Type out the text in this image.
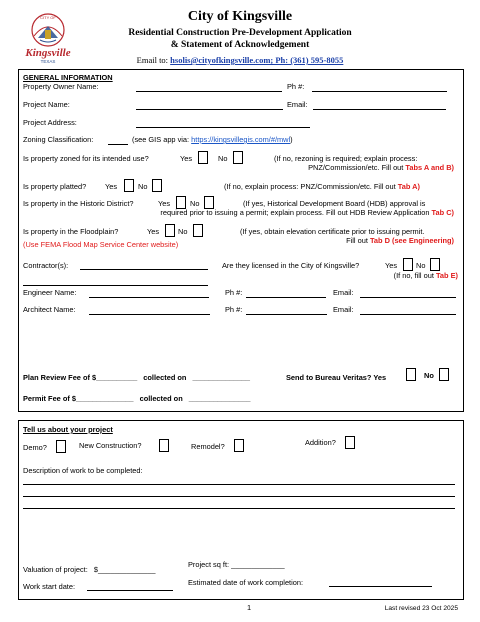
CITY OF
Kingsville
TEXAS
City of Kingsville
Residential Construction Pre-Development Application
& Statement of Acknowledgement
Email to: hsolis@cityofkingsville.com; Ph: (361) 595-8055
GENERAL INFORMATION
Property Owner Name:	Ph #:
Project Name:	Email:
Project Address:
Zoning Classification:	(see GIS app via: https://kingsvillegis.com/#/mwl)
Is property zoned for its intended use?	Yes	No	(If no, rezoning is required; explain process:
PNZ/Commission/etc. Fill out Tabs A and B)
Is property platted?	Yes	No	(If no, explain process: PNZ/Commission/etc. Fill out Tab A)
Is property in the Historic District?	Yes	No	(If yes, Historical Development Board (HDB) approval is
required prior to issuing a permit; explain process. Fill out HDB Review Application Tab C)
Is property in the Floodplain?	Yes	No
(Use FEMA Flood Map Service Center website)
(If yes, obtain elevation certificate prior to issuing permit.
Fill out Tab D (see Engineering)
Contractor(s):	Are they licensed in the City of Kingsville?	Yes	No
(If no, fill out Tab E)
Engineer Name:	Ph #:	Email:
Architect Name:	Ph #:	Email:
Plan Review Fee of $__________ collected on ______________	Send to Bureau Veritas? Yes	No
Permit Fee of $______________ collected on _______________
Tell us about your project
Demo?	New Construction?	Remodel?	Addition?
Description of work to be completed:
Valuation of project: $______________
Project sq ft: _____________
Work start date:	Estimated date of work completion:
1	Last revised 23 Oct 2025
